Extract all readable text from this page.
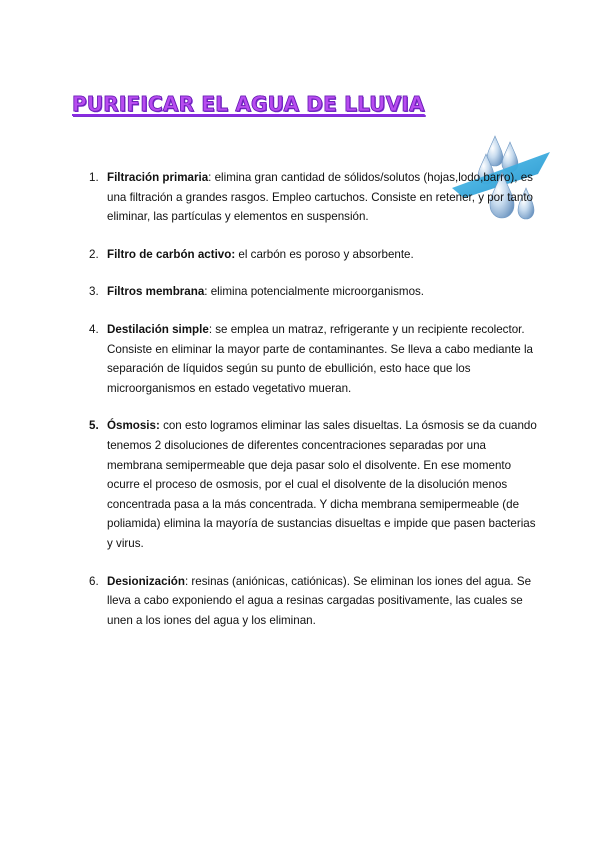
PURIFICAR EL AGUA DE LLUVIA
1. Filtración primaria: elimina gran cantidad de sólidos/solutos (hojas,lodo,barro), es una filtración a grandes rasgos. Empleo cartuchos. Consiste en retener, y por tanto eliminar, las partículas y elementos en suspensión.
2. Filtro de carbón activo: el carbón es poroso y absorbente.
3. Filtros membrana: elimina potencialmente microorganismos.
4. Destilación simple: se emplea un matraz, refrigerante y un recipiente recolector. Consiste en eliminar la mayor parte de contaminantes. Se lleva a cabo mediante la separación de líquidos según su punto de ebullición, esto hace que los microorganismos en estado vegetativo mueran.
5. Ósmosis: con esto logramos eliminar las sales disueltas. La ósmosis se da cuando tenemos 2 disoluciones de diferentes concentraciones separadas por una membrana semipermeable que deja pasar solo el disolvente. En ese momento ocurre el proceso de osmosis, por el cual el disolvente de la disolución menos concentrada pasa a la más concentrada. Y dicha membrana semipermeable (de poliamida) elimina la mayoría de sustancias disueltas e impide que pasen bacterias y virus.
6. Desionización: resinas (aniónicas, catiónicas). Se eliminan los iones del agua. Se lleva a cabo exponiendo el agua a resinas cargadas positivamente, las cuales se unen a los iones del agua y los eliminan.
